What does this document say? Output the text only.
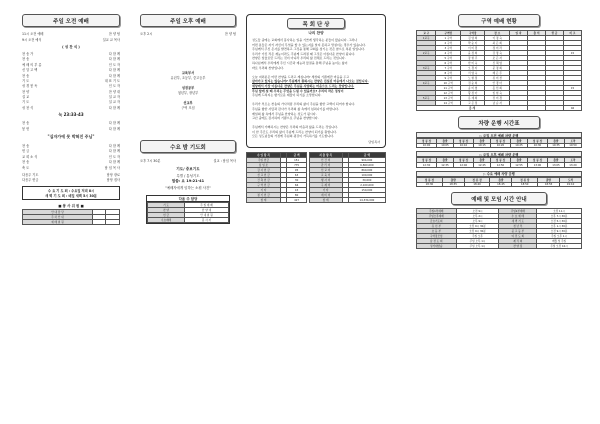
주일 오전 예배
11시 오전 예배	찬 양 팀
9시 오전 예식	설교 교 목사
( 성 찬 식 )
찬 송 가	다 함 께
찬 송	다 함 께
예 배 의 부 름	인 도 자
신 앙 고 백	다 함 께
찬 송	다 함 께
기 도	대 표 기 도
성 경 봉 독	인 도 자
찬 양	찬 양 대
설 교	설 교 자
기 도	설 교 자
성 찬 식	다 함 께
눅 23:33-43
찬 송	다 함 께
봉 헌	다 함 께
"십자가에 못 박혀진 주님"
찬 송	다 함 께
헌 금	다 함 께
교 회 소 식	인 도 자
찬 송	다 함 께
축 도	담 임 목 사
다음주 기도	담당 장로
다음주 헌금	담당 집사
수 요 기 도 회 : 수요일 저녁 8시
새 벽 기 도 회 : 매일 새벽 5시 30분
■ 봉 사 위 원 ■
안 내 담 당		
주 차 안 내		
예 배 위 원		
주일 오후 예배
오후 2시	찬 양 팀
교육부서
유년부, 초등부, 중고등부
성경공부
청년부, 장년부
선교부
구역 모임
수요 밤 기도회
오후 7시 30분	설교 : 담임 목사
기도/ 중보기도
특별 / 통성기도
말씀: 요 19:21-41
"예배자에게 임하는 소원 사건"
다음 주 담당
기 도	주 일 예 배
찬 양	찬 양 대
헌 금	안 내 위 원
수요예배	봉 사 자
목 회 단 상
나의 찬양
성도들 중에는 교회에서 봉사하는 일을 기쁘게 생각하는 분들이 많습니다. 그러나
어떤 분들은 자기 자신이 무엇을 할 수 있는지를 알지 못하고 망설이는 경우가 있습니다.
주님께서 주신 은사를 발견하고 그것을 통해 교회를 섬기는 것은 참으로 복된 일입니다.
우리가 가진 작은 재능이라도 주님께 드려질 때 그것은 아름다운 찬양이 됩니다.
찬양은 입술로만 드리는 것이 아니라 우리의 삶 전체로 드리는 것입니다.
하나님께서 우리에게 주신 시간과 재능과 물질을 통해 주님을 높이는 삶이
바로 우리의 찬양입니다.

오늘 여러분은 어떤 찬양을 드리고 계십니까? 세상의 기쁨에만 마음을 두고
살아가고 있지는 않습니까? 주님께서 원하시는 찬양은 진실된 마음에서 나오는 것입니다.
세상에서 가장 아름다운 찬양은 주님을 사랑하는 마음으로 드리는 찬양입니다.
주님 앞에 설 때 우리는 무엇을 드릴 수 있을까요? 우리의 작은 정성이
주님께 드려지는 향기로운 제물이 되기를 소망합니다.

우리가 부르는 찬송의 가사처럼 우리의 삶이 주님을 향한 고백이 되어야 합니다.
주님을 향한 사랑과 감사가 우리의 삶 속에서 넘쳐나기를 바랍니다.
매일의 삶 속에서 주님을 찬양하는 성도가 됩시다.
고난 중에도 감사하며 기쁨으로 주님을 찬양합시다.

주님께서 기뻐하시는 찬양은 우리의 마음과 삶을 드리는 것입니다.
이 한 주간도 우리의 삶이 주님께 드리는 찬양이 되기를 원합니다.
모든 성도님들의 가정에 주님의 평강이 가득하기를 기도합니다.
담임목사
수 입 항 목		금 액
주일 헌금		151
십 일 조		775
감 사 헌 금		95
선 교 헌 금		63
건 축 헌 금		30
구 역 헌 금		66
기 타		43
절 기 헌 금		80
합 계		427
지 출 항 목		금 액
인 건 비		904,000
관 리 비		6,860,000
선 교 비		860,000
교 육 비		100,000
행 사 비		30,000
구 제 비		2,100,000
기 타		150,000
예 비 비		
합 계		14,334,000
구역 예배 현황
교 구	구역명	구역장	장 소	일 자	출 석	헌 금	비 고
1교구	1 구역	김 영 희	이 정 숙				
	2 구역	박 순 자	최 은 희				
	3 구역	이 미 경	정 미 라				
2교구	4 구역	윤 정 희	강 명 숙				15
	5 구역	장 현 주	조 은 자				
	6 구역	한 미 숙	신 혜 영				
3교구	7 구역	오 경 자	문 정 희				
	8 구역	서 영 숙	배 은 주				
	9 구역	노 현 정	류 미 선				
4교구	10 구역	권 순 희	안 경 아				
	11 구역	송 미 영	홍 선 희				15
	12 구역	황 정 아	임 현 숙				
5교구	13 구역	유 재 희	전 미 경				
	14 구역	고 은 정	남 순 자				
총 계							46
차량 운행 시간표
▷ 주일 오전 예배 차량 운행
정 류 장	출발	정 류 장	출발	정 류 장	출발	정 류 장	출발	도착
10:00	10:05	10:10	10:15	10:20	10:25	10:30	10:35	10:50
▷ 주일 오후 예배 차량 운행
정 류 장	출발	정 류 장	출발	정 류 장	출발	정 류 장	출발	도착
12:30	12:35	12:40	12:45	12:50	12:55	13:00	13:05	13:20
▷ 수요 예배 차량 운행
정 류 장	출발	정 류 장	출발	정 류 장	출발	도착
18:30	18:35	18:40	18:45	18:50	18:55	19:10
예배 및 모임 시간 안내
주일1부예배	오전 9시	주일2부예배	오전 11시
주일오후예배	오후 2시	수 요 예 배	오후 7시 30분
금요기도회	오후 9시	새 벽 기 도	오전 5시 30분
유 년 부	오전 9시 30분	청 년 부	오후 1시 30분
초 등 부	오전 9시 30분	중 고 등 부	오전 9시 30분
구역장모임	주일 오후	여 전 도 회	주일 오후 1시
남 전 도 회	주일 오후 1시	제 직 회	매월 첫 주일
성가대연습	주일 오후 1시	찬 양 팀	주일 오전 10시
